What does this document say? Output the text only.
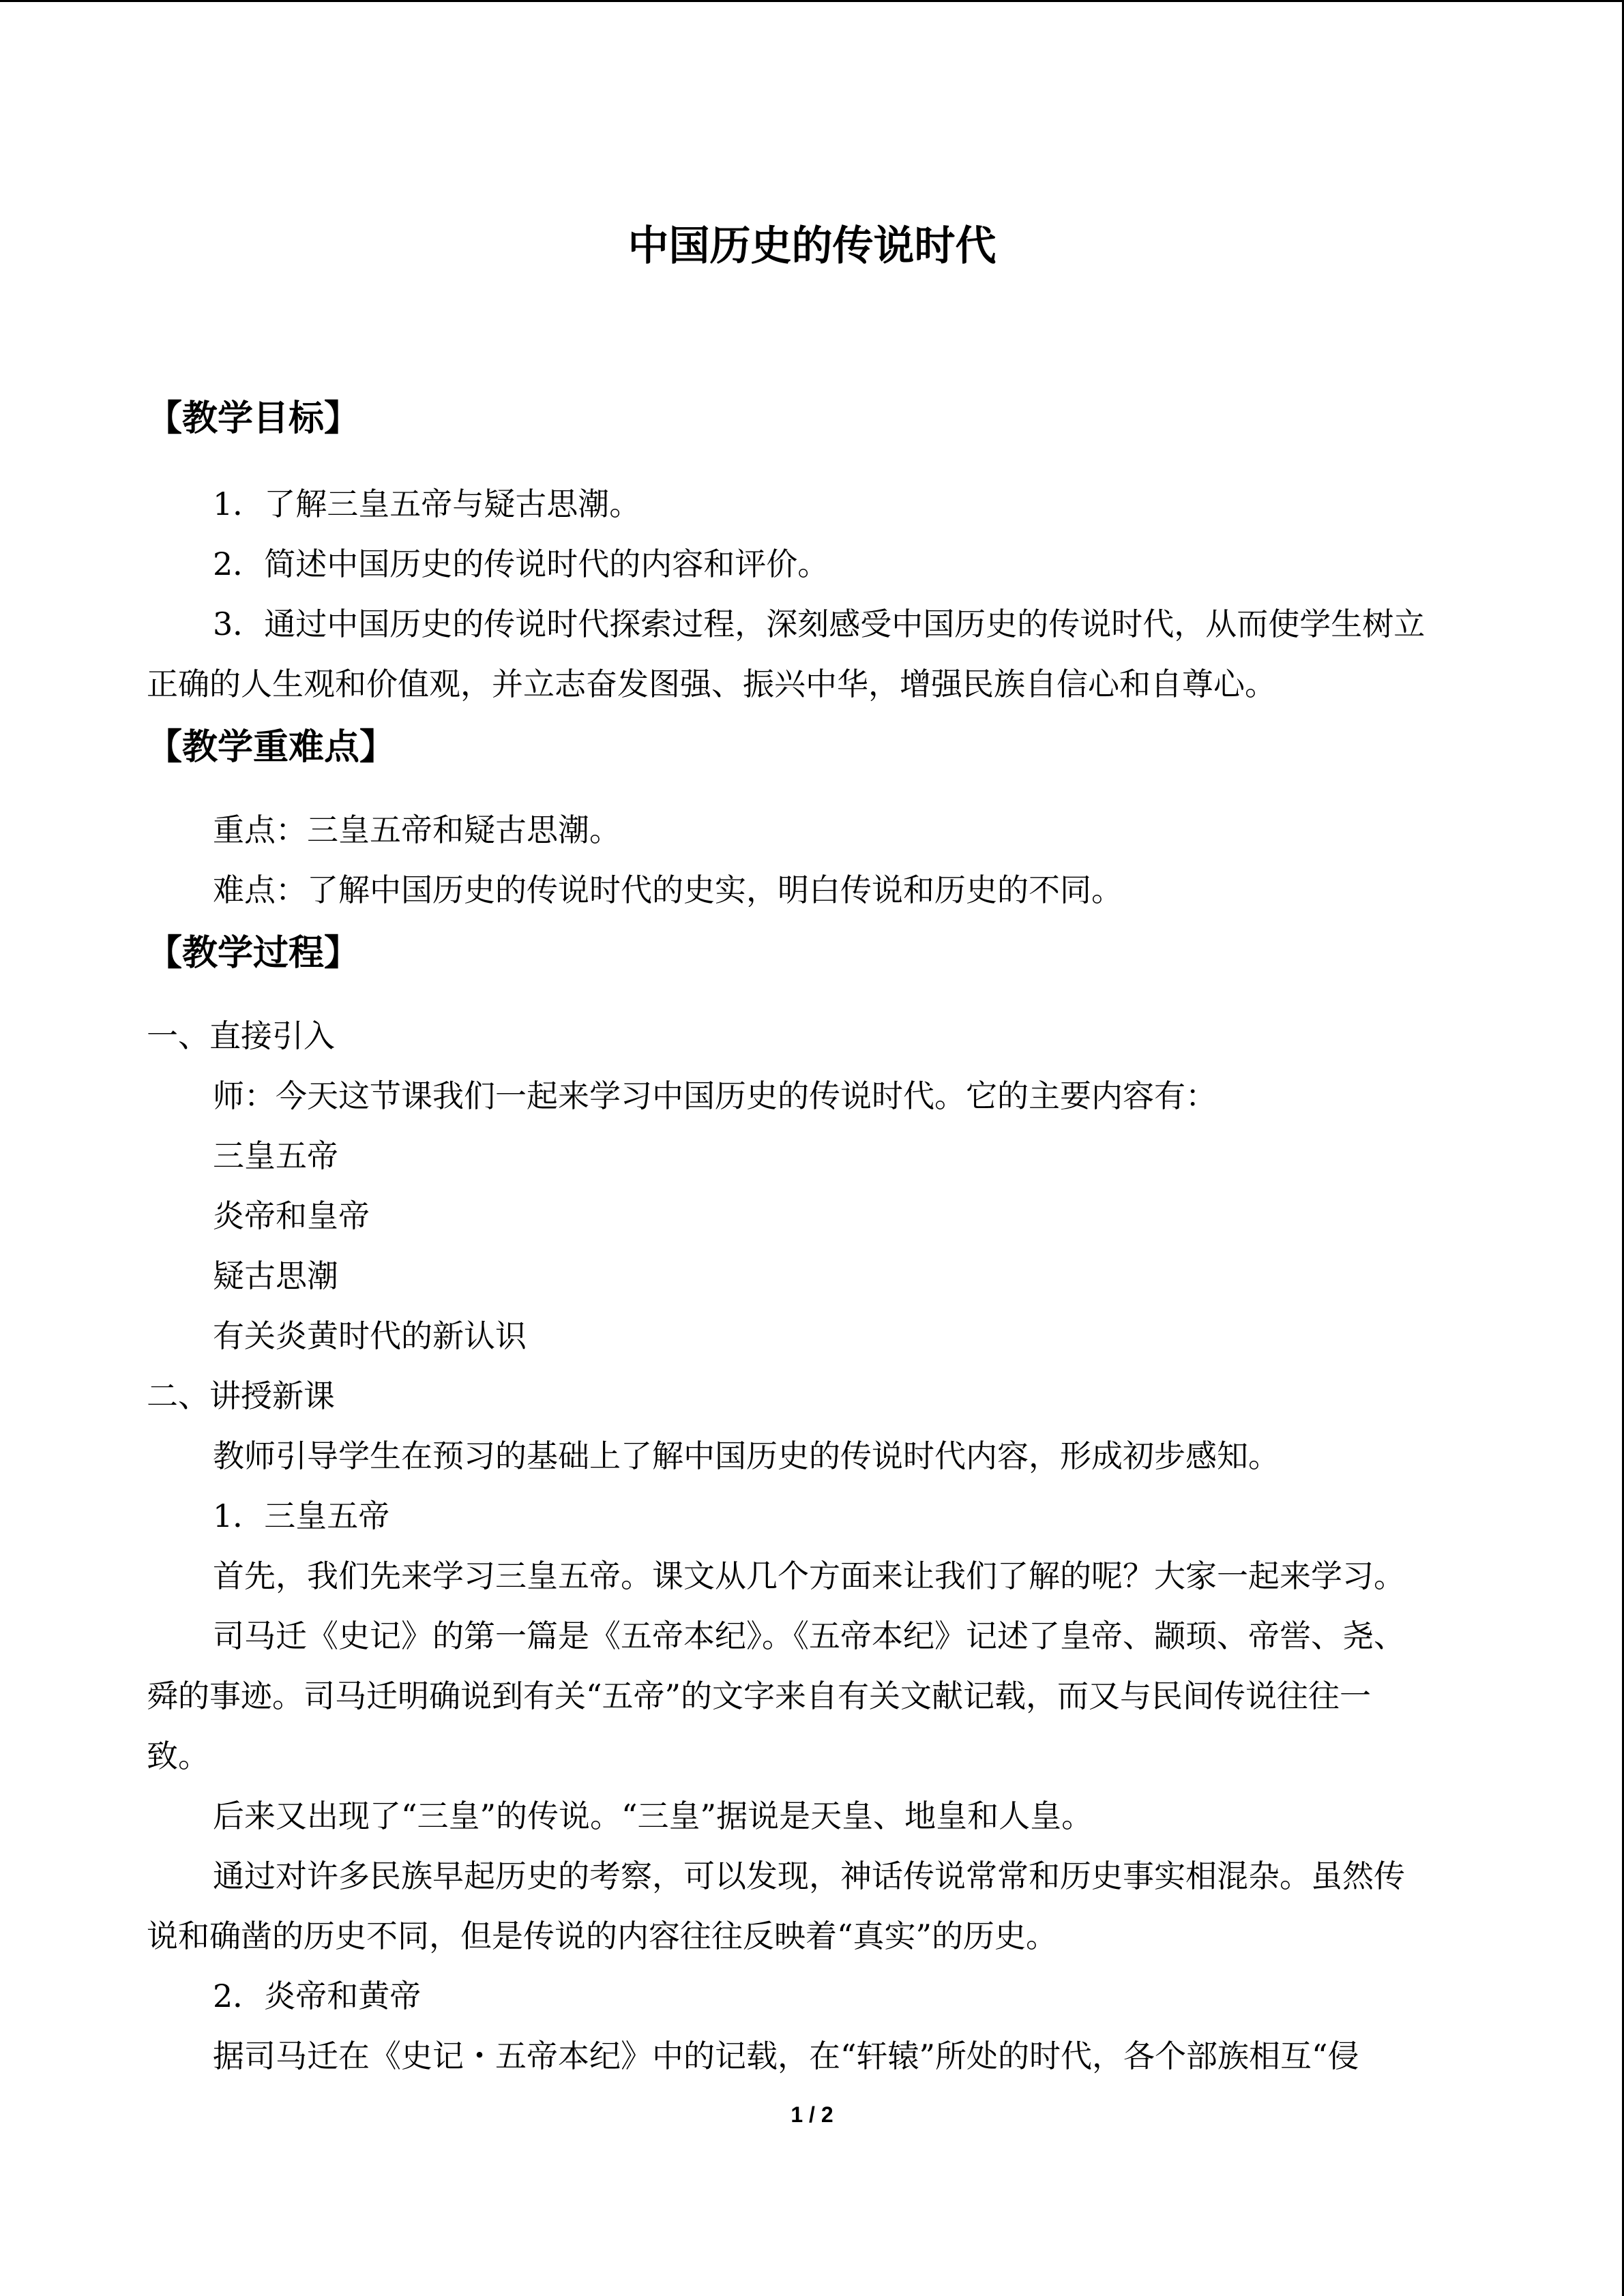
中国历史的传说时代
【教学目标】
1．了解三皇五帝与疑古思潮。
2．简述中国历史的传说时代的内容和评价。
3．通过中国历史的传说时代探索过程，深刻感受中国历史的传说时代，从而使学生树立
正确的人生观和价值观，并立志奋发图强、振兴中华，增强民族自信心和自尊心。
【教学重难点】
重点：三皇五帝和疑古思潮。
难点：了解中国历史的传说时代的史实，明白传说和历史的不同。
【教学过程】
一、直接引入
师：今天这节课我们一起来学习中国历史的传说时代。它的主要内容有：
三皇五帝
炎帝和皇帝
疑古思潮
有关炎黄时代的新认识
二、讲授新课
教师引导学生在预习的基础上了解中国历史的传说时代内容，形成初步感知。
1．三皇五帝
首先，我们先来学习三皇五帝。课文从几个方面来让我们了解的呢？大家一起来学习。
司马迁《史记》的第一篇是《五帝本纪》。《五帝本纪》记述了皇帝、颛顼、帝喾、尧、
舜的事迹。司马迁明确说到有关“五帝”的文字来自有关文献记载，而又与民间传说往往一
致。
后来又出现了“三皇”的传说。“三皇”据说是天皇、地皇和人皇。
通过对许多民族早起历史的考察，可以发现，神话传说常常和历史事实相混杂。虽然传
说和确凿的历史不同，但是传说的内容往往反映着“真实”的历史。
2．炎帝和黄帝
据司马迁在《史记・五帝本纪》中的记载，在“轩辕”所处的时代，各个部族相互“侵
1 / 2
